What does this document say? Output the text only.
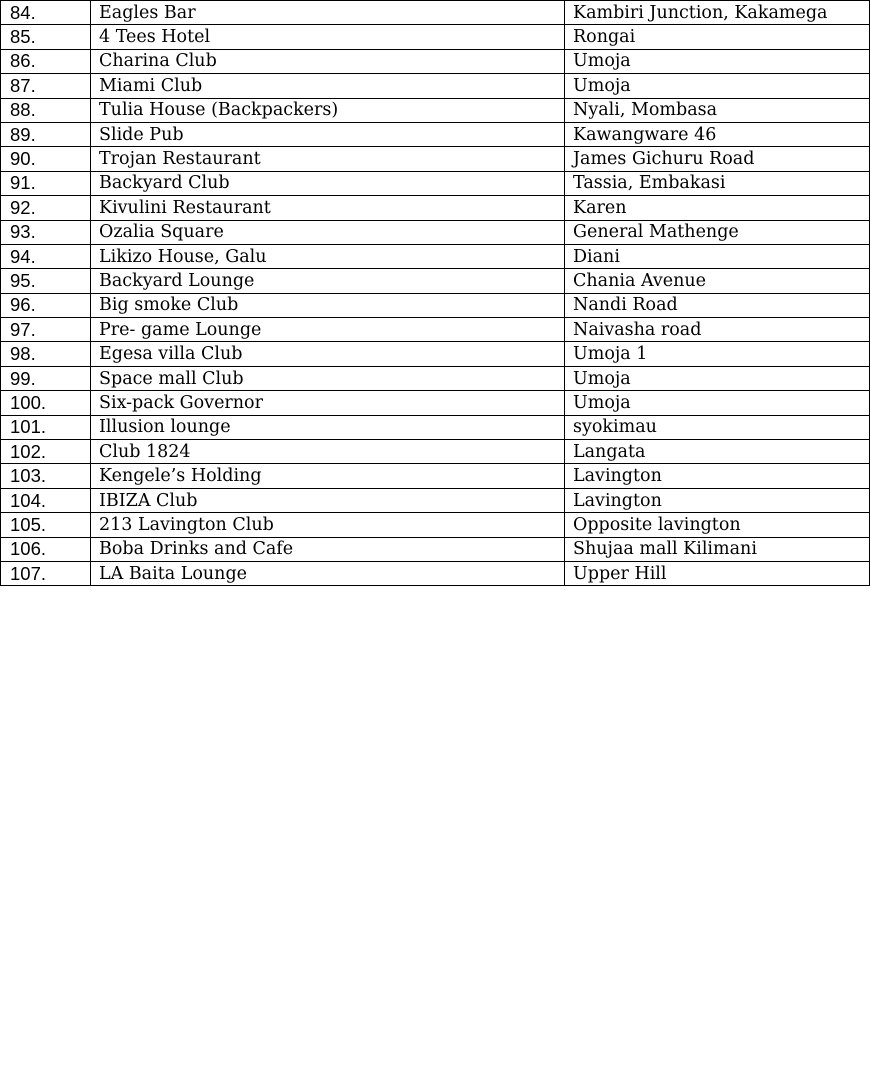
84.	Eagles Bar	Kambiri Junction, Kakamega
85.	4 Tees Hotel	Rongai
86.	Charina Club	Umoja
87.	Miami Club	Umoja
88.	Tulia House (Backpackers)	Nyali, Mombasa
89.	Slide Pub	Kawangware 46
90.	Trojan Restaurant	James Gichuru Road
91.	Backyard Club	Tassia, Embakasi
92.	Kivulini Restaurant	Karen
93.	Ozalia Square	General Mathenge
94.	Likizo House, Galu	Diani
95.	Backyard Lounge	Chania Avenue
96.	Big smoke Club	Nandi Road
97.	Pre- game Lounge	Naivasha road
98.	Egesa villa Club	Umoja 1
99.	Space mall Club	Umoja
100.	Six-pack Governor	Umoja
101.	Illusion lounge	syokimau
102.	Club 1824	Langata
103.	Kengele’s Holding	Lavington
104.	IBIZA Club	Lavington
105.	213 Lavington Club	Opposite lavington
106.	Boba Drinks and Cafe	Shujaa mall Kilimani
107.	LA Baita Lounge	Upper Hill
